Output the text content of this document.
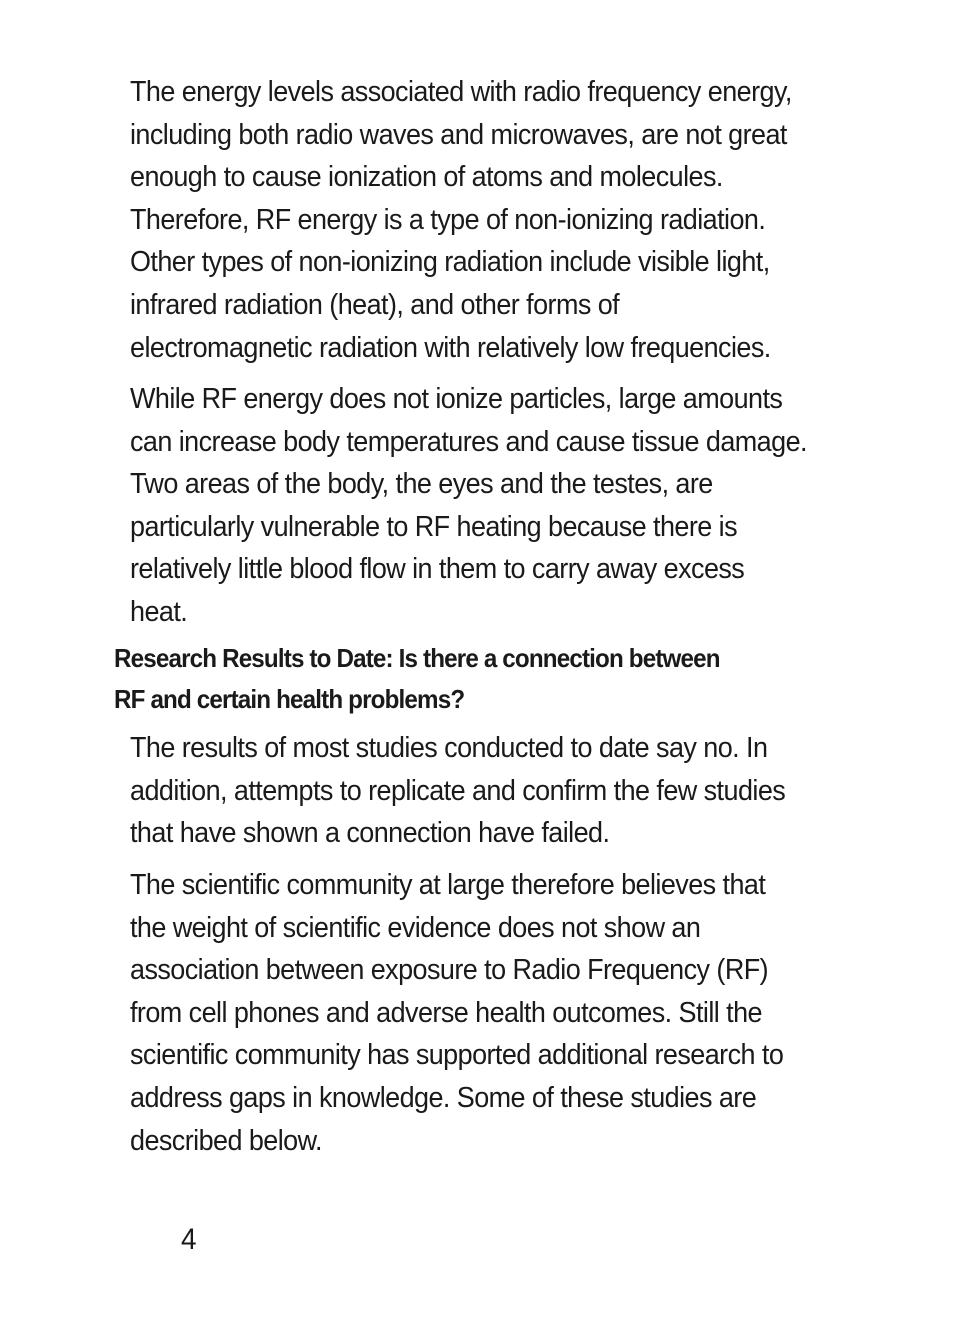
The energy levels associated with radio frequency energy,
including both radio waves and microwaves, are not great
enough to cause ionization of atoms and molecules.
Therefore, RF energy is a type of non-ionizing radiation.
Other types of non-ionizing radiation include visible light,
infrared radiation (heat), and other forms of
electromagnetic radiation with relatively low frequencies.

While RF energy does not ionize particles, large amounts
can increase body temperatures and cause tissue damage.
Two areas of the body, the eyes and the testes, are
particularly vulnerable to RF heating because there is
relatively little blood flow in them to carry away excess
heat.

Research Results to Date: Is there a connection between
RF and certain health problems?

The results of most studies conducted to date say no. In
addition, attempts to replicate and confirm the few studies
that have shown a connection have failed.

The scientific community at large therefore believes that
the weight of scientific evidence does not show an
association between exposure to Radio Frequency (RF)
from cell phones and adverse health outcomes. Still the
scientific community has supported additional research to
address gaps in knowledge. Some of these studies are
described below.

4
